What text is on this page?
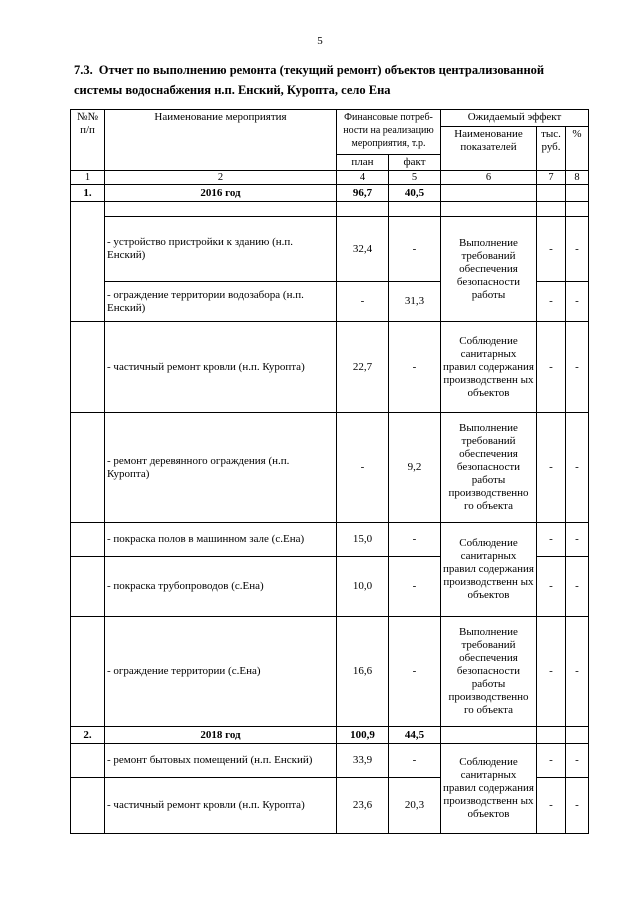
5
7.3. Отчет по выполнению ремонта (текущий ремонт) объектов централизованной системы водоснабжения н.п. Енский, Куропта, село Ена
№№ п/п	Наименование мероприятия	Финансовые потреб-ности на реализацию мероприятия, т.р.		Ожидаемый эффект		
				Наименование показателей	тыс. руб.	%
		план	факт			
1	2	4	5	6	7	8
1.	2016 год	96,7	40,5			

	- устройство пристройки к зданию (н.п. Енский)	32,4	-	Выполнение требований обеспечения безопасности работы	-	-
	- ограждение территории водозабора (н.п. Енский)	-	31,3		-	-
	- частичный ремонт кровли (н.п. Куропта)	22,7	-	Соблюдение санитарных правил содержания производственн ых объектов	-	-
	- ремонт деревянного ограждения (н.п. Куропта)	-	9,2	Выполнение требований обеспечения безопасности работы производственно го объекта	-	-
	- покраска полов в машинном зале (с.Ена)	15,0	-	Соблюдение санитарных правил содержания производственн ых объектов	-	-
	- покраска трубопроводов (с.Ена)	10,0	-		-	-
	- ограждение территории (с.Ена)	16,6	-	Выполнение требований обеспечения безопасности работы производственно го объекта	-	-
2.	2018 год	100,9	44,5			
	- ремонт бытовых помещений (н.п. Енский)	33,9	-	Соблюдение санитарных правил содержания производственн ых объектов	-	-
	- частичный ремонт кровли (н.п. Куропта)	23,6	20,3		-	-
